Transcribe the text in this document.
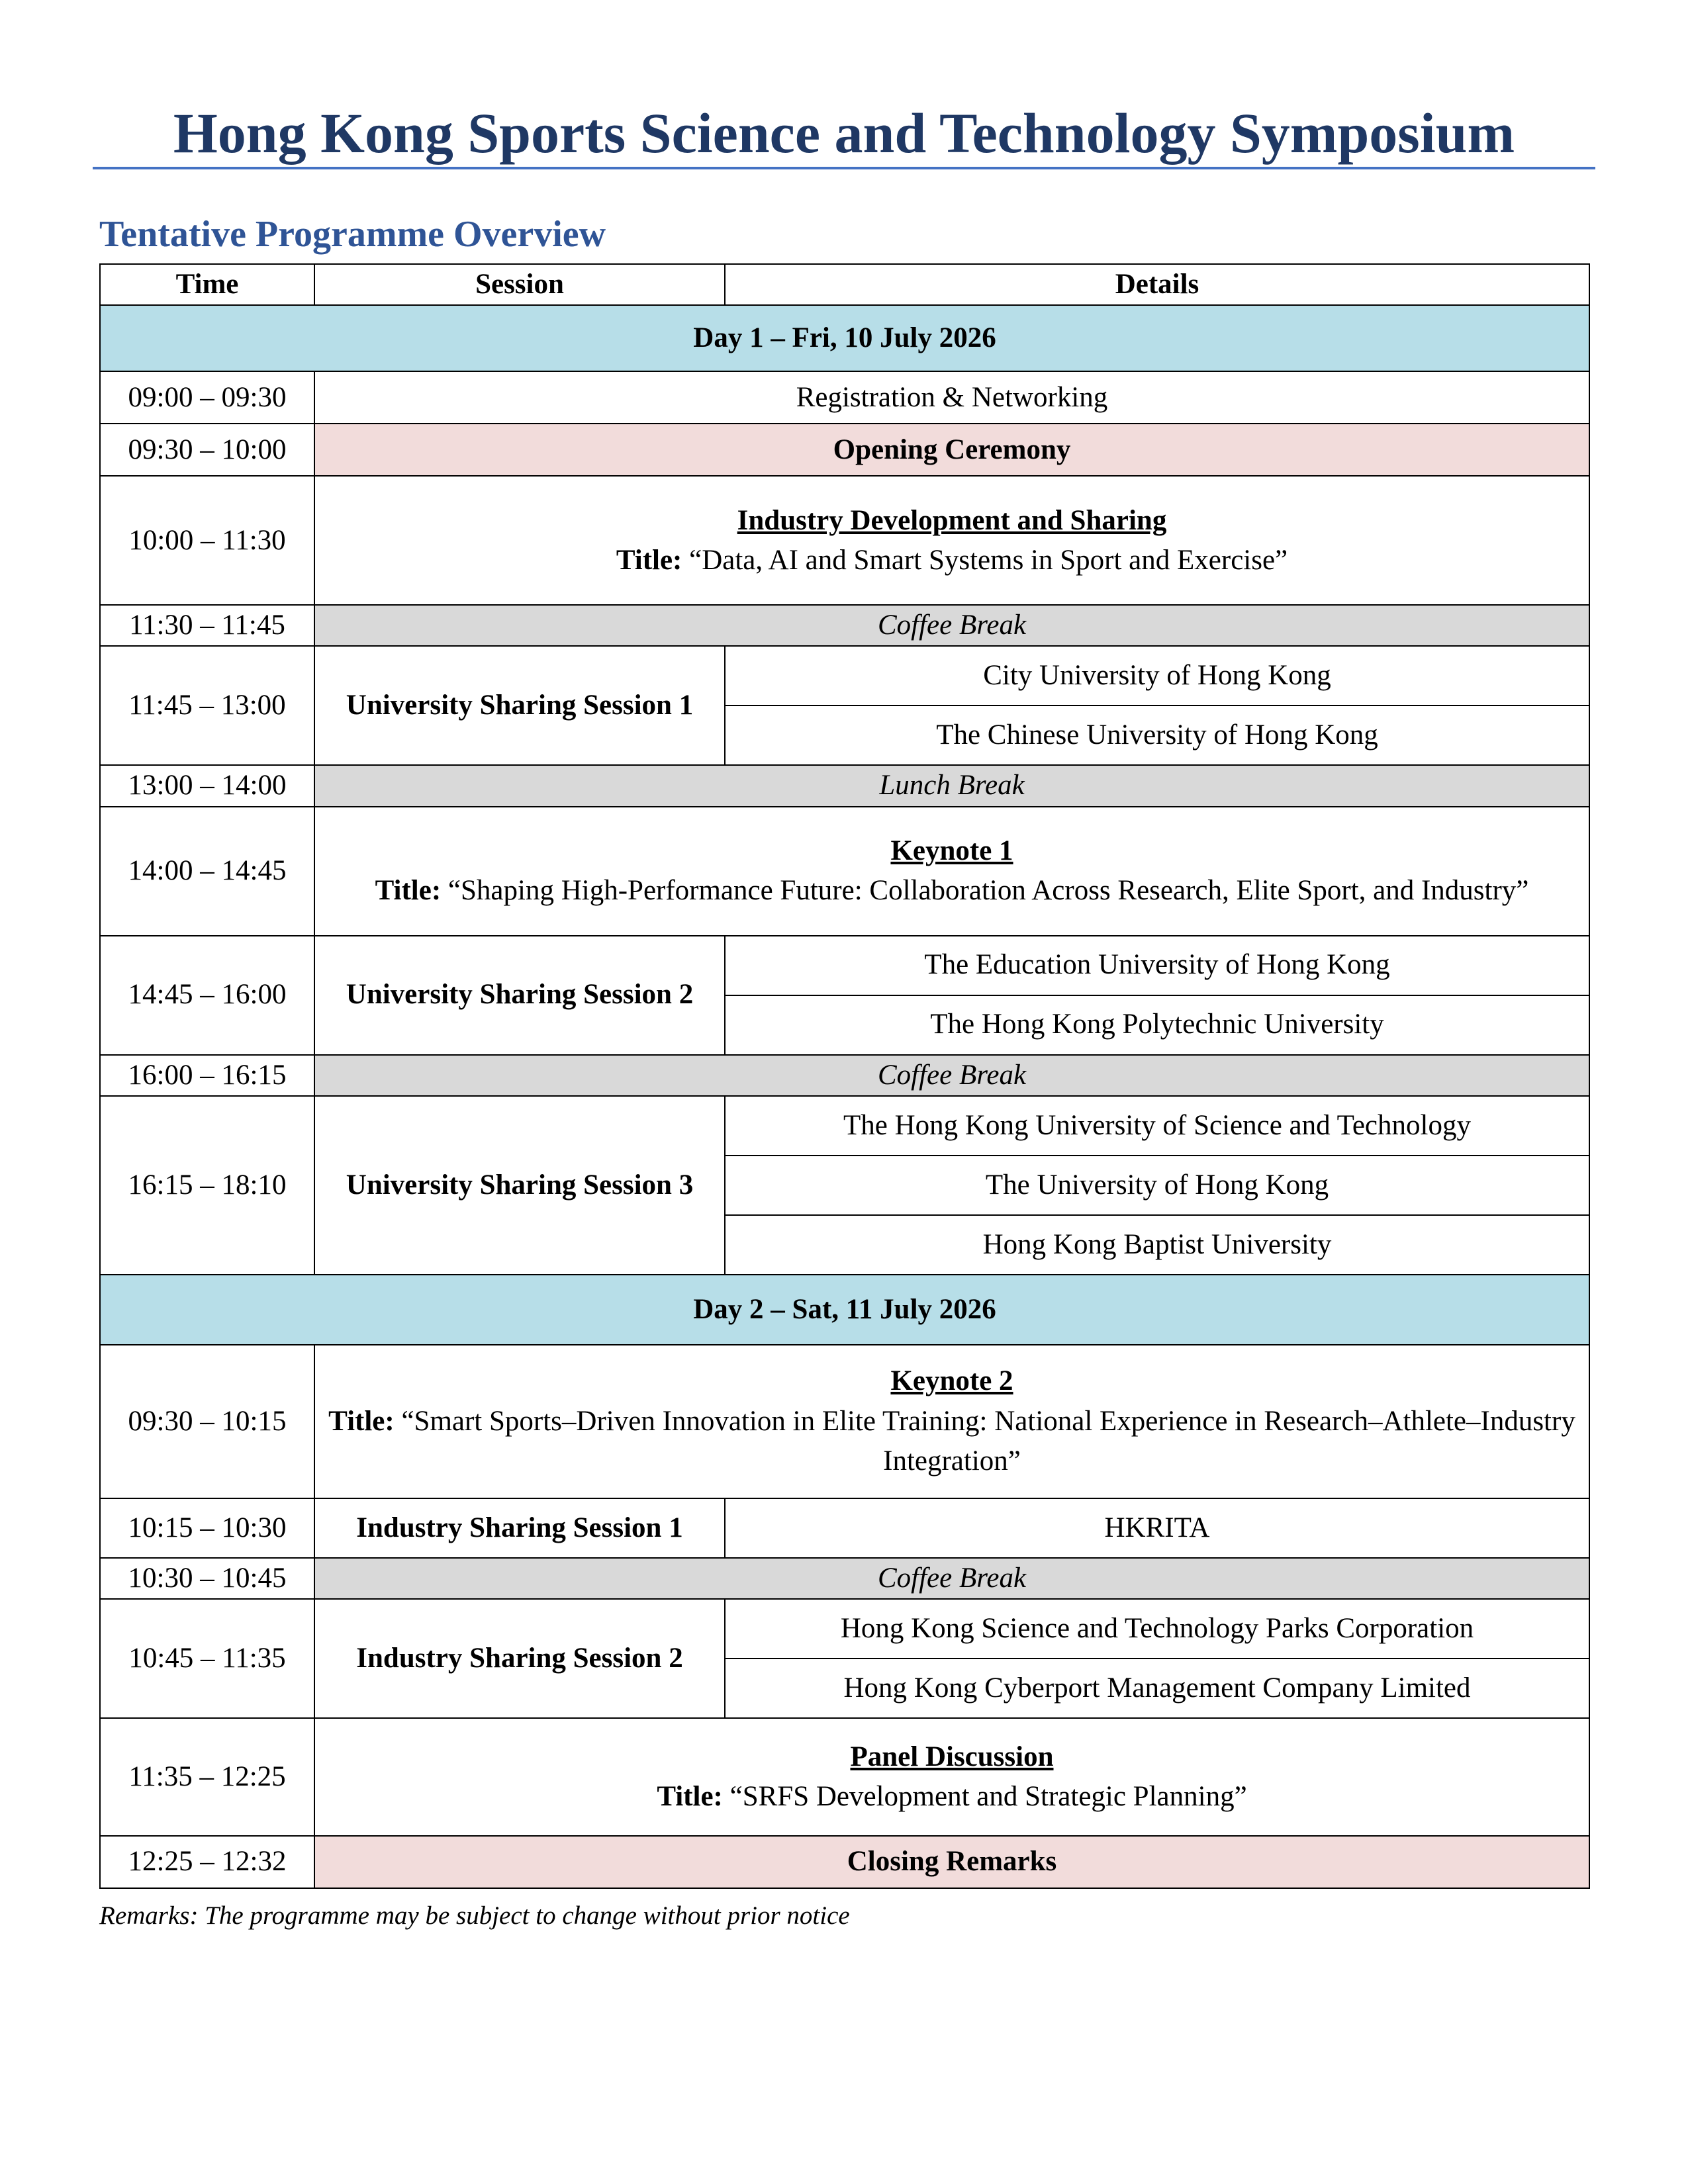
Hong Kong Sports Science and Technology Symposium
Tentative Programme Overview
Time	Session	Details
Day 1 – Fri, 10 July 2026		
09:00 – 09:30	Registration & Networking	
09:30 – 10:00	Opening Ceremony	
10:00 – 11:30	Industry Development and Sharing
Title: “Data, AI and Smart Systems in Sport and Exercise”	

11:30 – 11:45	Coffee Break	
11:45 – 13:00	University Sharing Session 1	City University of Hong Kong
		The Chinese University of Hong Kong
13:00 – 14:00	Lunch Break	
14:00 – 14:45	Keynote 1
Title: “Shaping High-Performance Future: Collaboration Across Research, Elite Sport, and Industry”	

14:45 – 16:00	University Sharing Session 2	The Education University of Hong Kong
		The Hong Kong Polytechnic University
16:00 – 16:15	Coffee Break	
16:15 – 18:10	University Sharing Session 3	The Hong Kong University of Science and Technology
		The University of Hong Kong
		Hong Kong Baptist University
Day 2 – Sat, 11 July 2026		
09:30 – 10:15	Keynote 2
Title: “Smart Sports–Driven Innovation in Elite Training: National Experience in Research–Athlete–Industry Integration”	

10:15 – 10:30	Industry Sharing Session 1	HKRITA
10:30 – 10:45	Coffee Break	
10:45 – 11:35	Industry Sharing Session 2	Hong Kong Science and Technology Parks Corporation
		Hong Kong Cyberport Management Company Limited
11:35 – 12:25	Panel Discussion
Title: “SRFS Development and Strategic Planning”	

12:25 – 12:32	Closing Remarks	
Remarks: The programme may be subject to change without prior notice
